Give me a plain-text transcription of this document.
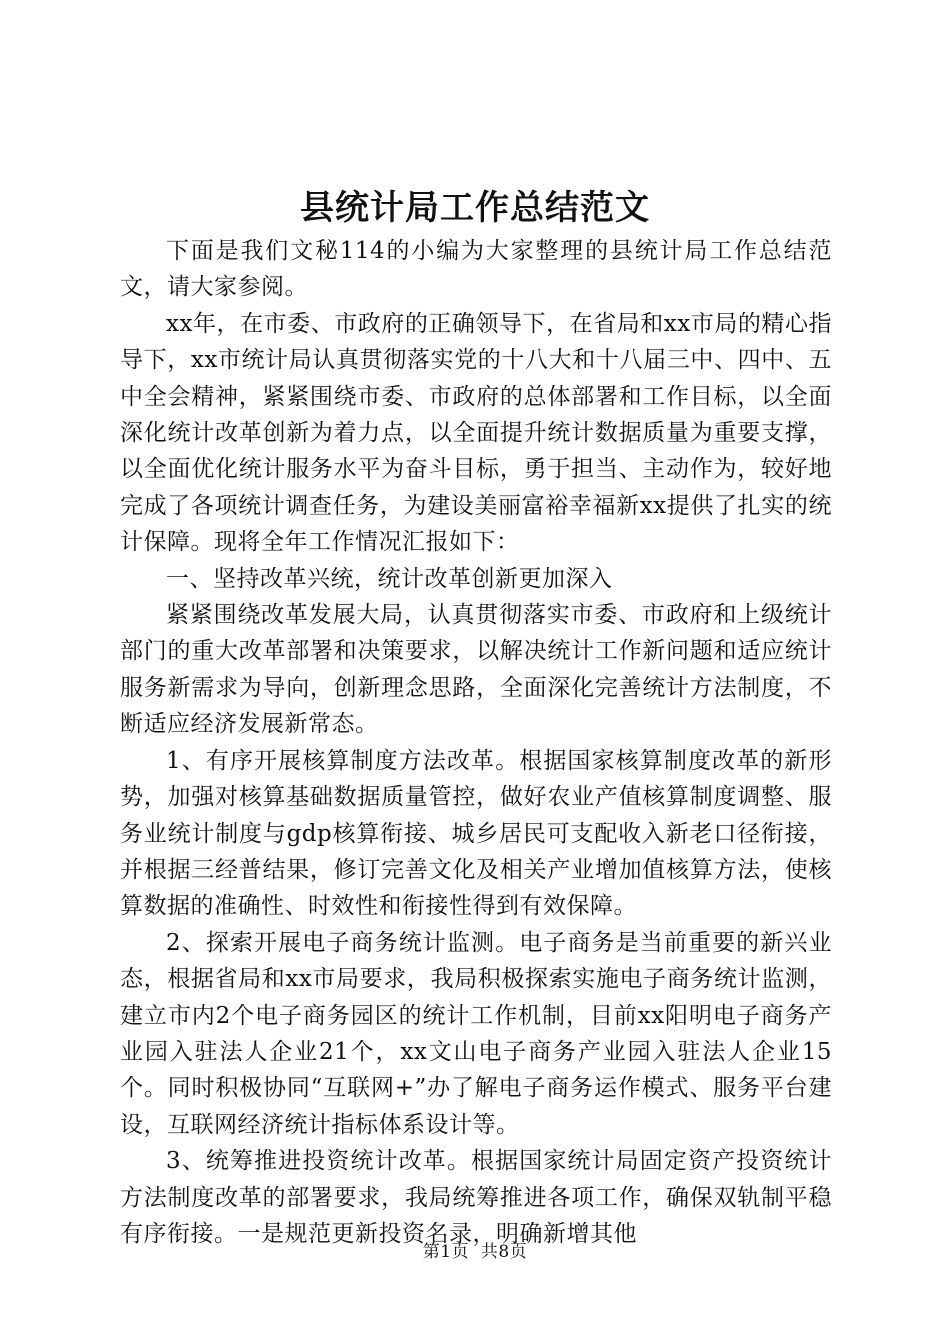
县统计局工作总结范文

下面是我们文秘114的小编为大家整理的县统计局工作总结范文，请大家参阅。

xx年，在市委、市政府的正确领导下，在省局和xx市局的精心指导下，xx市统计局认真贯彻落实党的十八大和十八届三中、四中、五中全会精神，紧紧围绕市委、市政府的总体部署和工作目标，以全面深化统计改革创新为着力点，以全面提升统计数据质量为重要支撑，以全面优化统计服务水平为奋斗目标，勇于担当、主动作为，较好地完成了各项统计调查任务，为建设美丽富裕幸福新xx提供了扎实的统计保障。现将全年工作情况汇报如下：

一、坚持改革兴统，统计改革创新更加深入

紧紧围绕改革发展大局，认真贯彻落实市委、市政府和上级统计部门的重大改革部署和决策要求，以解决统计工作新问题和适应统计服务新需求为导向，创新理念思路，全面深化完善统计方法制度，不断适应经济发展新常态。

1、有序开展核算制度方法改革。根据国家核算制度改革的新形势，加强对核算基础数据质量管控，做好农业产值核算制度调整、服务业统计制度与gdp核算衔接、城乡居民可支配收入新老口径衔接，并根据三经普结果，修订完善文化及相关产业增加值核算方法，使核算数据的准确性、时效性和衔接性得到有效保障。

2、探索开展电子商务统计监测。电子商务是当前重要的新兴业态，根据省局和xx市局要求，我局积极探索实施电子商务统计监测，建立市内2个电子商务园区的统计工作机制，目前xx阳明电子商务产业园入驻法人企业21个，xx文山电子商务产业园入驻法人企业15个。同时积极协同“互联网+”办了解电子商务运作模式、服务平台建设，互联网经济统计指标体系设计等。

3、统筹推进投资统计改革。根据国家统计局固定资产投资统计方法制度改革的部署要求，我局统筹推进各项工作，确保双轨制平稳有序衔接。一是规范更新投资名录，明确新增其他

第1页 共8页
